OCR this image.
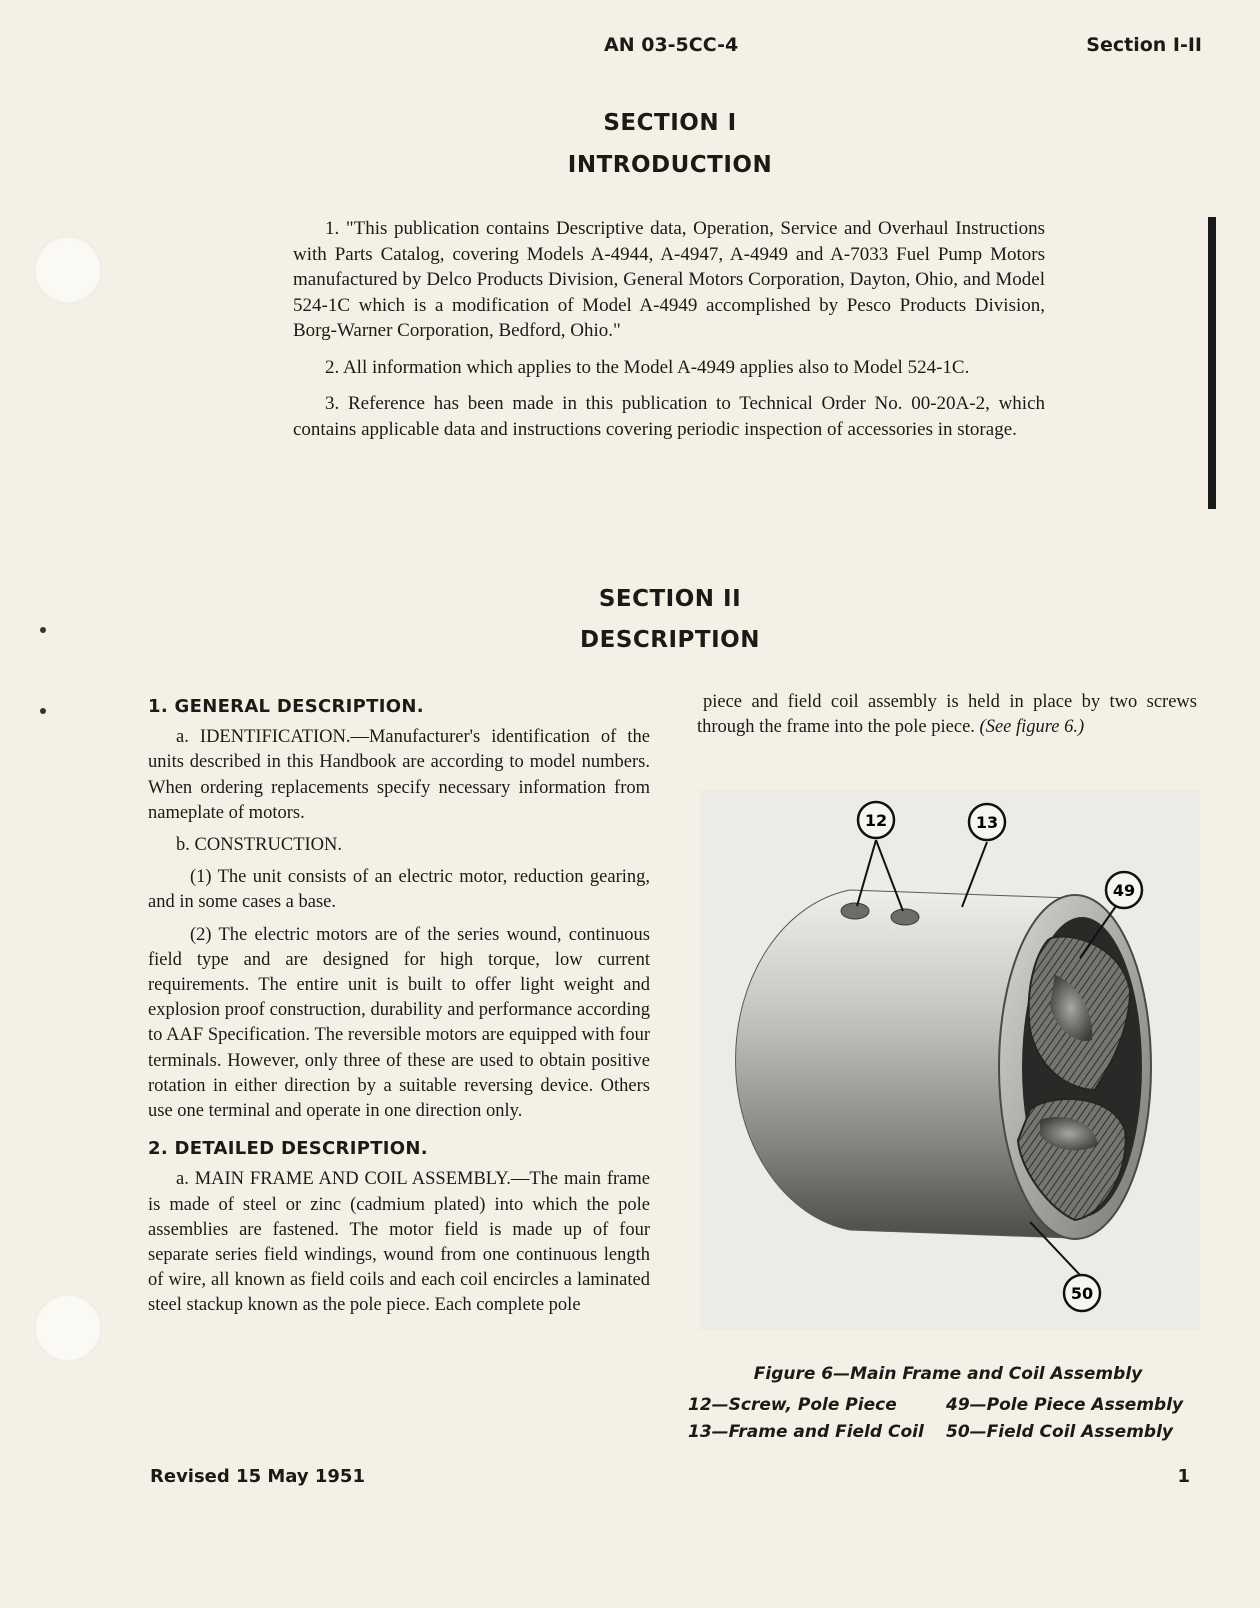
AN 03-5CC-4	Section I-II
SECTION I
INTRODUCTION

1. "This publication contains Descriptive data, Operation, Service and Overhaul Instructions with Parts Catalog, covering Models A-4944, A-4947, A-4949 and A-7033 Fuel Pump Motors manufactured by Delco Products Division, General Motors Corporation, Dayton, Ohio, and Model 524-1C which is a modification of Model A-4949 accomplished by Pesco Products Division, Borg-Warner Corporation, Bedford, Ohio."

2. All information which applies to the Model A-4949 applies also to Model 524-1C.

3. Reference has been made in this publication to Technical Order No. 00-20A-2, which contains applicable data and instructions covering periodic inspection of accessories in storage.

SECTION II
DESCRIPTION
1. GENERAL DESCRIPTION.

a. IDENTIFICATION.—Manufacturer's identification of the units described in this Handbook are according to model numbers. When ordering replacements specify necessary information from nameplate of motors.

b. CONSTRUCTION.

(1) The unit consists of an electric motor, reduction gearing, and in some cases a base.

(2) The electric motors are of the series wound, continuous field type and are designed for high torque, low current requirements. The entire unit is built to offer light weight and explosion proof construction, durability and performance according to AAF Specification. The reversible motors are equipped with four terminals. However, only three of these are used to obtain positive rotation in either direction by a suitable reversing device. Others use one terminal and operate in one direction only.

2. DETAILED DESCRIPTION.

a. MAIN FRAME AND COIL ASSEMBLY.—The main frame is made of steel or zinc (cadmium plated) into which the pole assemblies are fastened. The motor field is made up of four separate series field windings, wound from one continuous length of wire, all known as field coils and each coil encircles a laminated steel stackup known as the pole piece. Each complete pole

piece and field coil assembly is held in place by two screws through the frame into the pole piece. (See figure 6.)

12	13
49
50
Figure 6—Main Frame and Coil Assembly
12—Screw, Pole Piece	49—Pole Piece Assembly
13—Frame and Field Coil	50—Field Coil Assembly
Revised 15 May 1951	1
